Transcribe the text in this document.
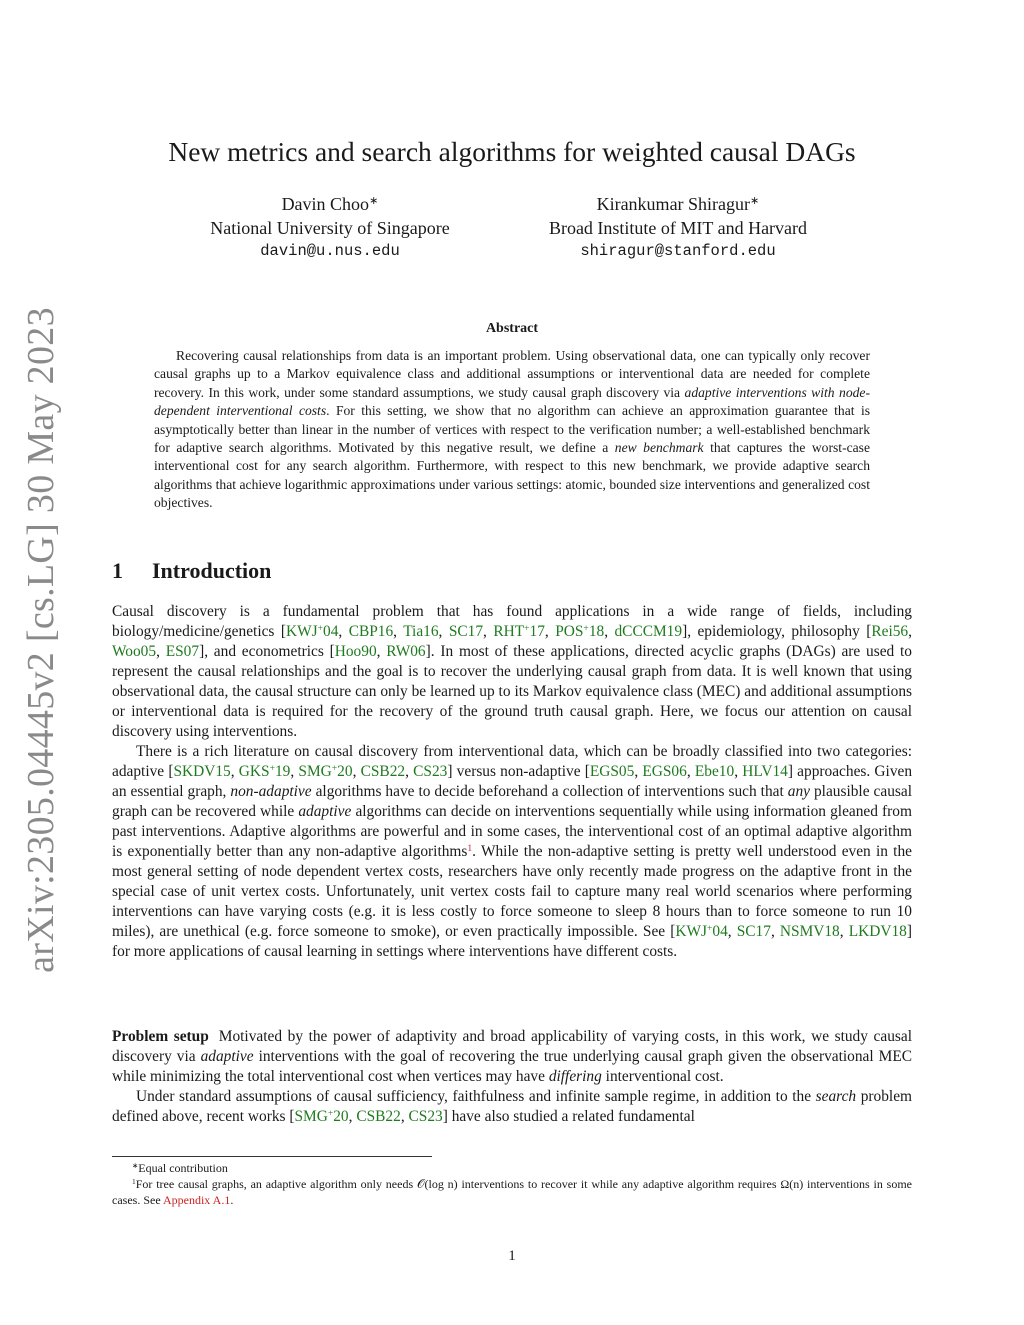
arXiv:2305.04445v2 [cs.LG] 30 May 2023
New metrics and search algorithms for weighted causal DAGs
Davin Choo∗
National University of Singapore
davin@u.nus.edu
Kirankumar Shiragur∗
Broad Institute of MIT and Harvard
shiragur@stanford.edu
Abstract

Recovering causal relationships from data is an important problem. Using observational data, one can typically only recover causal graphs up to a Markov equivalence class and additional assumptions or interventional data are needed for complete recovery. In this work, under some standard assumptions, we study causal graph discovery via adaptive interventions with node-dependent interventional costs. For this setting, we show that no algorithm can achieve an approximation guarantee that is asymptotically better than linear in the number of vertices with respect to the verification number; a well-established benchmark for adaptive search algorithms. Motivated by this negative result, we define a new benchmark that captures the worst-case interventional cost for any search algorithm. Furthermore, with respect to this new benchmark, we provide adaptive search algorithms that achieve logarithmic approximations under various settings: atomic, bounded size interventions and generalized cost objectives.

1 Introduction

Causal discovery is a fundamental problem that has found applications in a wide range of fields, including biology/medicine/genetics [KWJ+04, CBP16, Tia16, SC17, RHT+17, POS+18, dCCCM19], epidemiology, philosophy [Rei56, Woo05, ES07], and econometrics [Hoo90, RW06]. In most of these applications, directed acyclic graphs (DAGs) are used to represent the causal relationships and the goal is to recover the underlying causal graph from data. It is well known that using observational data, the causal structure can only be learned up to its Markov equivalence class (MEC) and additional assumptions or interventional data is required for the recovery of the ground truth causal graph. Here, we focus our attention on causal discovery using interventions.

There is a rich literature on causal discovery from interventional data, which can be broadly classified into two categories: adaptive [SKDV15, GKS+19, SMG+20, CSB22, CS23] versus non-adaptive [EGS05, EGS06, Ebe10, HLV14] approaches. Given an essential graph, non-adaptive algorithms have to decide beforehand a collection of interventions such that any plausible causal graph can be recovered while adaptive algorithms can decide on interventions sequentially while using information gleaned from past interventions. Adaptive algorithms are powerful and in some cases, the interventional cost of an optimal adaptive algorithm is exponentially better than any non-adaptive algorithms$^1$. While the non-adaptive setting is pretty well understood even in the most general setting of node dependent vertex costs, researchers have only recently made progress on the adaptive front in the special case of unit vertex costs. Unfortunately, unit vertex costs fail to capture many real world scenarios where performing interventions can have varying costs (e.g. it is less costly to force someone to sleep 8 hours than to force someone to run 10 miles), are unethical (e.g. force someone to smoke), or even practically impossible. See [KWJ+04, SC17, NSMV18, LKDV18] for more applications of causal learning in settings where interventions have different costs.

Problem setup Motivated by the power of adaptivity and broad applicability of varying costs, in this work, we study causal discovery via adaptive interventions with the goal of recovering the true underlying causal graph given the observational MEC while minimizing the total interventional cost when vertices may have differing interventional cost.

Under standard assumptions of causal sufficiency, faithfulness and infinite sample regime, in addition to the search problem defined above, recent works [SMG+20, CSB22, CS23] have also studied a related fundamental

∗Equal contribution

$^1$For tree causal graphs, an adaptive algorithm only needs 𝒪(log n) interventions to recover it while any adaptive algorithm requires Ω(n) interventions in some cases. See Appendix A.1.

1
